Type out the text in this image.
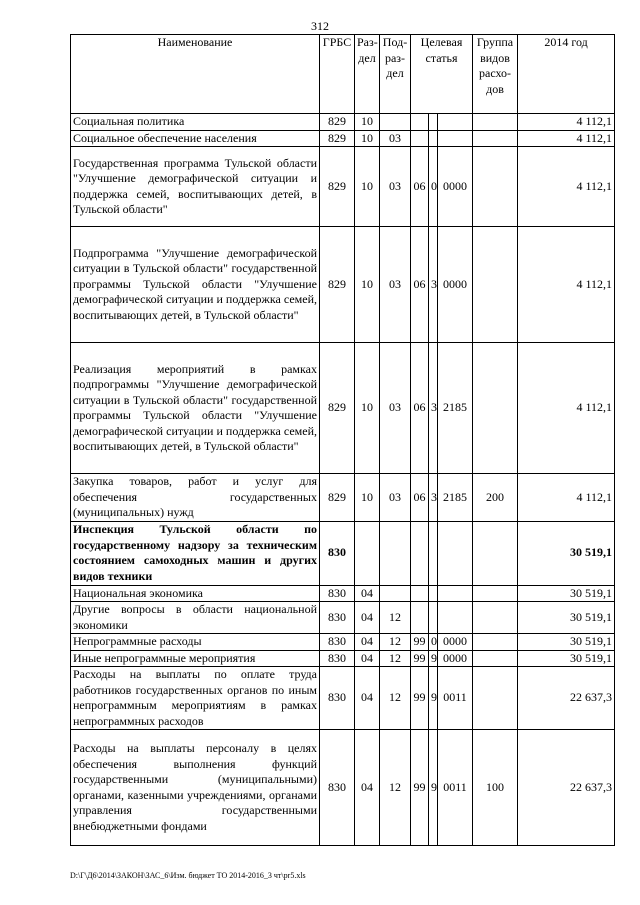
312
Наименование	ГРБС	Раз-дел	Под-раз-дел	Целевая статья			Группа видов расхо-дов	2014 год

Социальная политика	829	10						4 112,1
Социальное обеспечение населения	829	10	03					4 112,1
Государственная программа Тульской области "Улучшение демографической ситуации и поддержка семей, воспитывающих детей, в Тульской области"	829	10	03	06	0	0000		4 112,1
Подпрограмма "Улучшение демографической ситуации в Тульской области" государственной программы Тульской области "Улучшение демографической ситуации и поддержка семей, воспитывающих детей, в Тульской области"	829	10	03	06	3	0000		4 112,1
Реализация мероприятий в рамках подпрограммы "Улучшение демографической ситуации в Тульской области" государственной программы Тульской области "Улучшение демографической ситуации и поддержка семей, воспитывающих детей, в Тульской области"	829	10	03	06	3	2185		4 112,1
Закупка товаров, работ и услуг для обеспечения государственных (муниципальных) нужд	829	10	03	06	3	2185	200	4 112,1
Инспекция Тульской области по государственному надзору за техническим состоянием самоходных машин и других видов техники	830							30 519,1
Национальная экономика	830	04						30 519,1
Другие вопросы в области национальной экономики	830	04	12					30 519,1
Непрограммные расходы	830	04	12	99	0	0000		30 519,1
Иные непрограммные мероприятия	830	04	12	99	9	0000		30 519,1
Расходы на выплаты по оплате труда работников государственных органов по иным непрограммным мероприятиям в рамках непрограммных расходов	830	04	12	99	9	0011		22 637,3
Расходы на выплаты персоналу в целях обеспечения выполнения функций государственными (муниципальными) органами, казенными учреждениями, органами управления государственными внебюджетными фондами	830	04	12	99	9	0011	100	22 637,3
D:\Г\Д6\2014\ЗАКОН\ЗАС_6\Изм. бюджет ТО 2014-2016_3 чт\pr5.xls
